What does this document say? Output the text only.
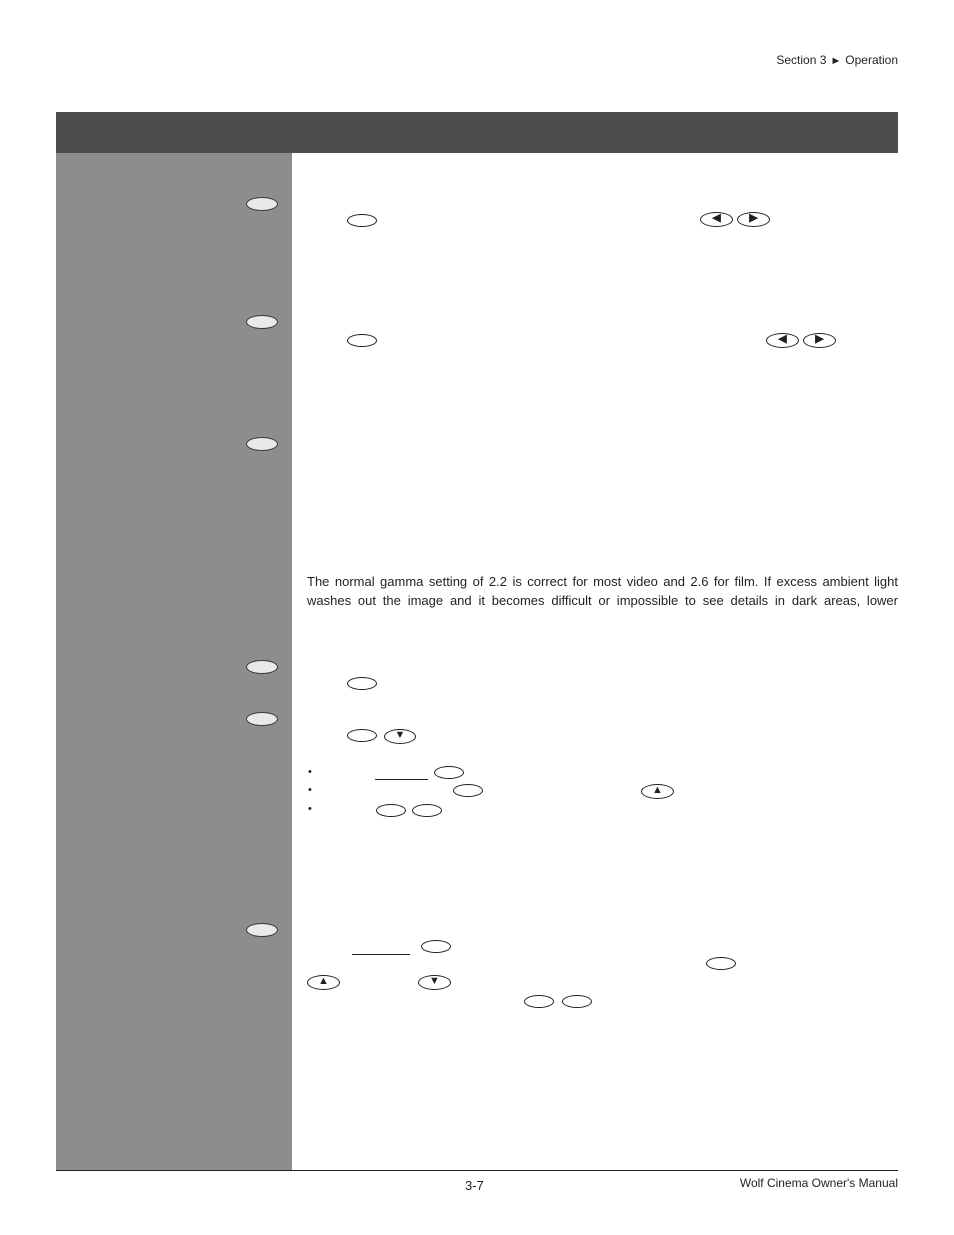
Section 3 ► Operation
◀	▶
◀	▶
The normal gamma setting of 2.2 is correct for most video and 2.6 for film. If excess ambient light washes out the image and it becomes difficult or impossible to see details in dark areas, lower
▼
•
•	▲
•
▲	▼
3-7	Wolf Cinema Owner's Manual
